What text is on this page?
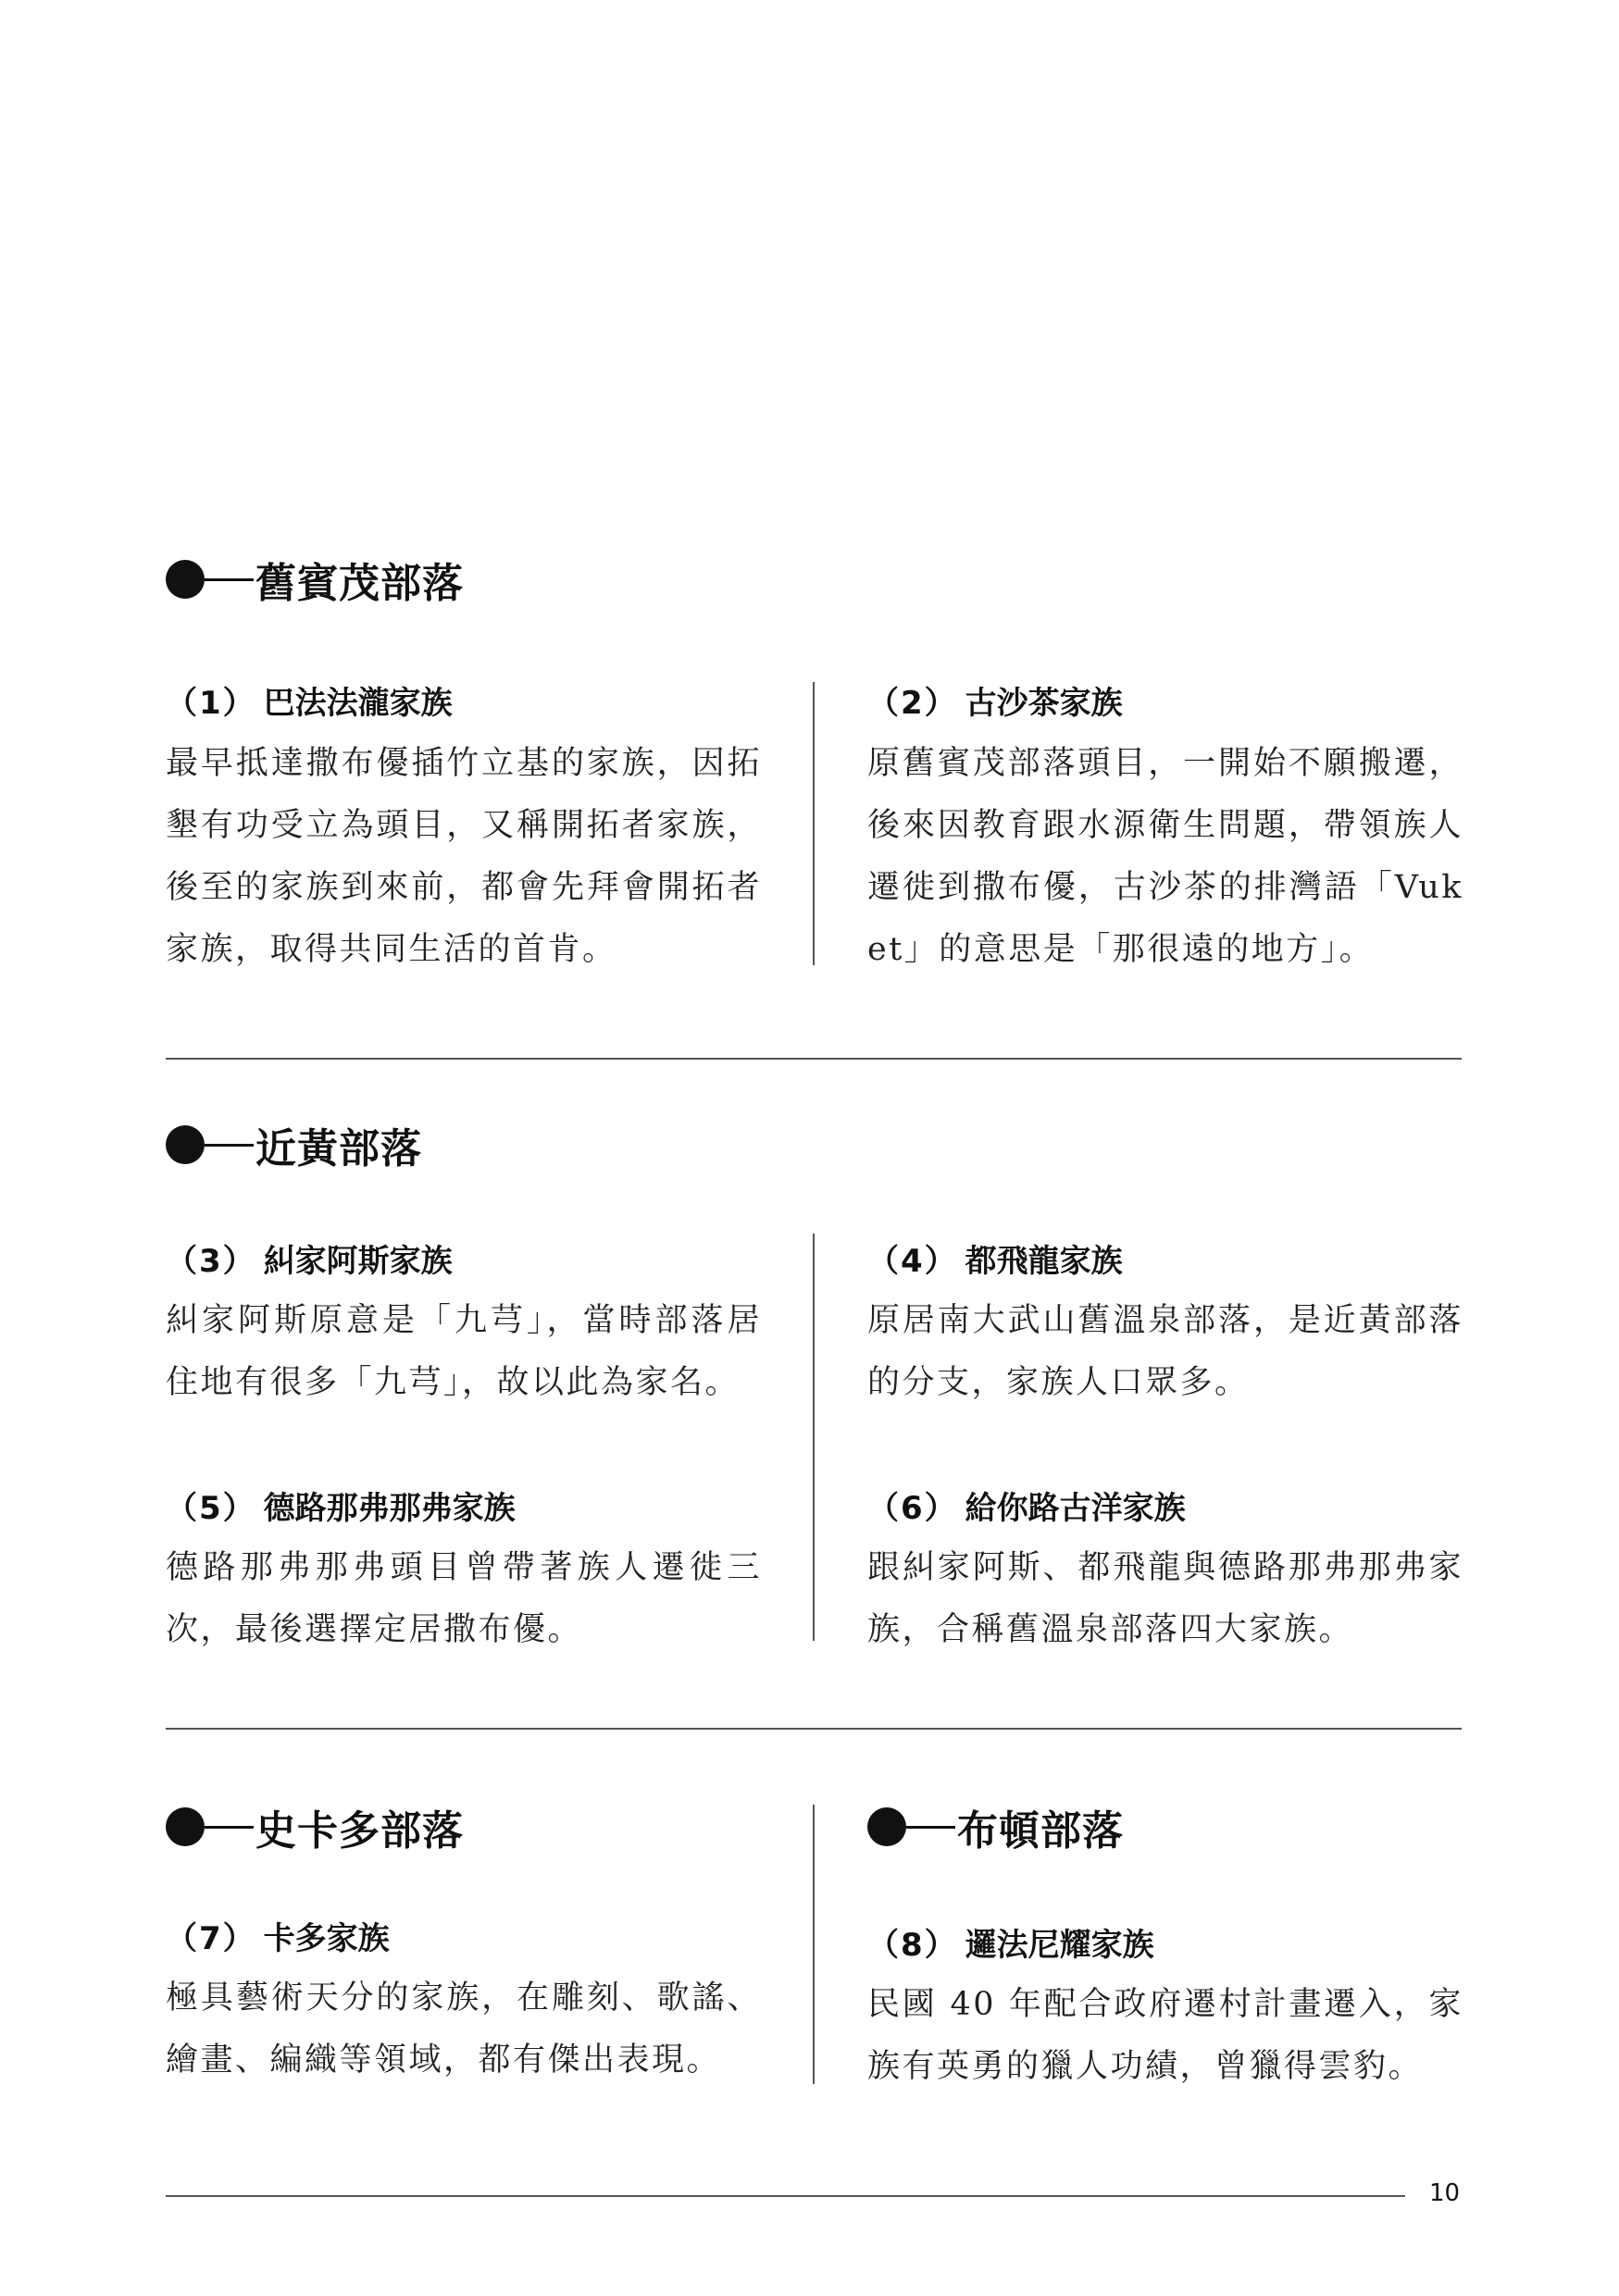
舊賓茂部落
（1） 巴法法瀧家族
最早抵達撒布優插竹立基的家族，因拓墾有功受立為頭目，又稱開拓者家族，後至的家族到來前，都會先拜會開拓者家族，取得共同生活的首肯。
（2） 古沙茶家族
原舊賓茂部落頭目，一開始不願搬遷，後來因教育跟水源衛生問題，帶領族人遷徙到撒布優，古沙茶的排灣語「Vuket」的意思是「那很遠的地方」。
近黃部落
（3） 糾家阿斯家族
糾家阿斯原意是「九芎」，當時部落居住地有很多「九芎」，故以此為家名。
（4） 都飛龍家族
原居南大武山舊溫泉部落，是近黃部落的分支，家族人口眾多。
（5） 德路那弗那弗家族
德路那弗那弗頭目曾帶著族人遷徙三次，最後選擇定居撒布優。
（6） 給你路古洋家族
跟糾家阿斯、都飛龍與德路那弗那弗家族，合稱舊溫泉部落四大家族。
史卡多部落
（7） 卡多家族
極具藝術天分的家族，在雕刻、歌謠、繪畫、編織等領域，都有傑出表現。
布頓部落
（8） 邏法尼耀家族
民國 40 年配合政府遷村計畫遷入，家族有英勇的獵人功績，曾獵得雲豹。
10
